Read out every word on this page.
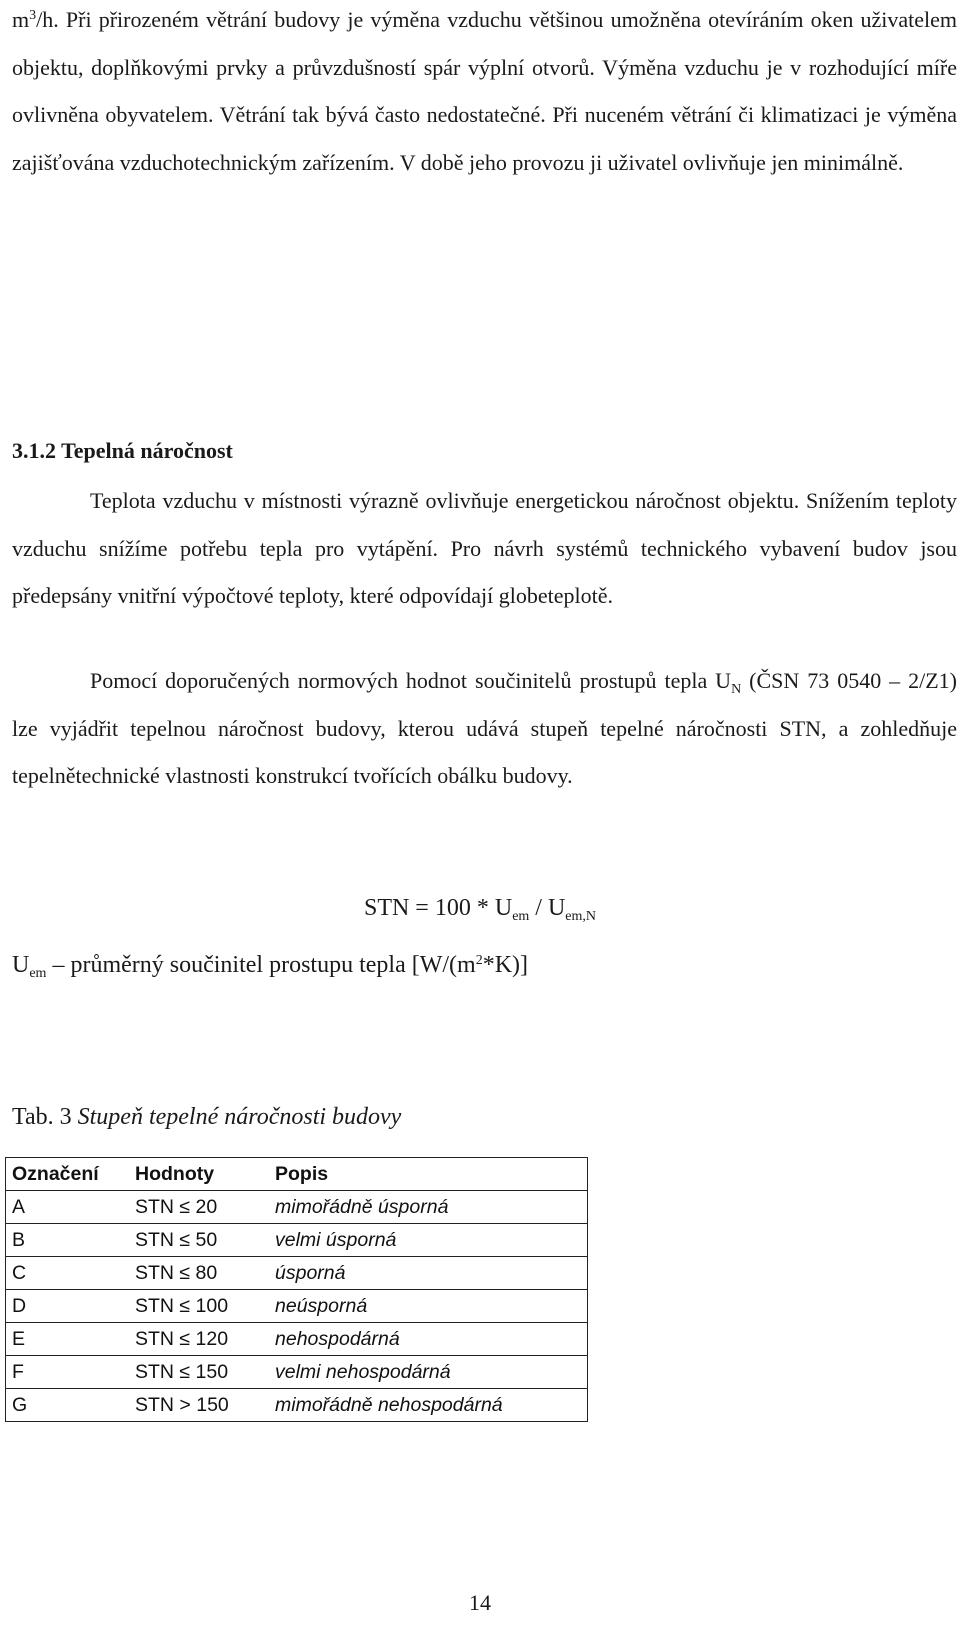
$m^3/h$. Při přirozeném větrání budovy je výměna vzduchu většinou umožněna otevíráním oken uživatelem objektu, doplňkovými prvky a průvzdušností spár výplní otvorů. Výměna vzduchu je v rozhodující míře ovlivněna obyvatelem. Větrání tak bývá často nedostatečné. Při nuceném větrání či klimatizaci je výměna zajišťována vzduchotechnickým zařízením. V době jeho provozu ji uživatel ovlivňuje jen minimálně.

3.1.2 Tepelná náročnost

Teplota vzduchu v místnosti výrazně ovlivňuje energetickou náročnost objektu. Snížením teploty vzduchu snížíme potřebu tepla pro vytápění. Pro návrh systémů technického vybavení budov jsou předepsány vnitřní výpočtové teploty, které odpovídají globeteplotě.

Pomocí doporučených normových hodnot součinitelů prostupů tepla $U_N$ (ČSN 73 0540 – 2/Z1) lze vyjádřit tepelnou náročnost budovy, kterou udává stupeň tepelné náročnosti STN, a zohledňuje tepelnětechnické vlastnosti konstrukcí tvořících obálku budovy.

STN = $100 * U_{em} / U_{em,N}$

$U_{em}$ – průměrný součinitel prostupu tepla $[W/(m^2*K)]$

Tab. 3 Stupeň tepelné náročnosti budovy

Označení	Hodnoty	Popis
A	STN ≤ 20	mimořádně úsporná
B	STN ≤ 50	velmi úsporná
C	STN ≤ 80	úsporná
D	STN ≤ 100	neúsporná
E	STN ≤ 120	nehospodárná
F	STN ≤ 150	velmi nehospodárná
G	STN > 150	mimořádně nehospodárná

14
